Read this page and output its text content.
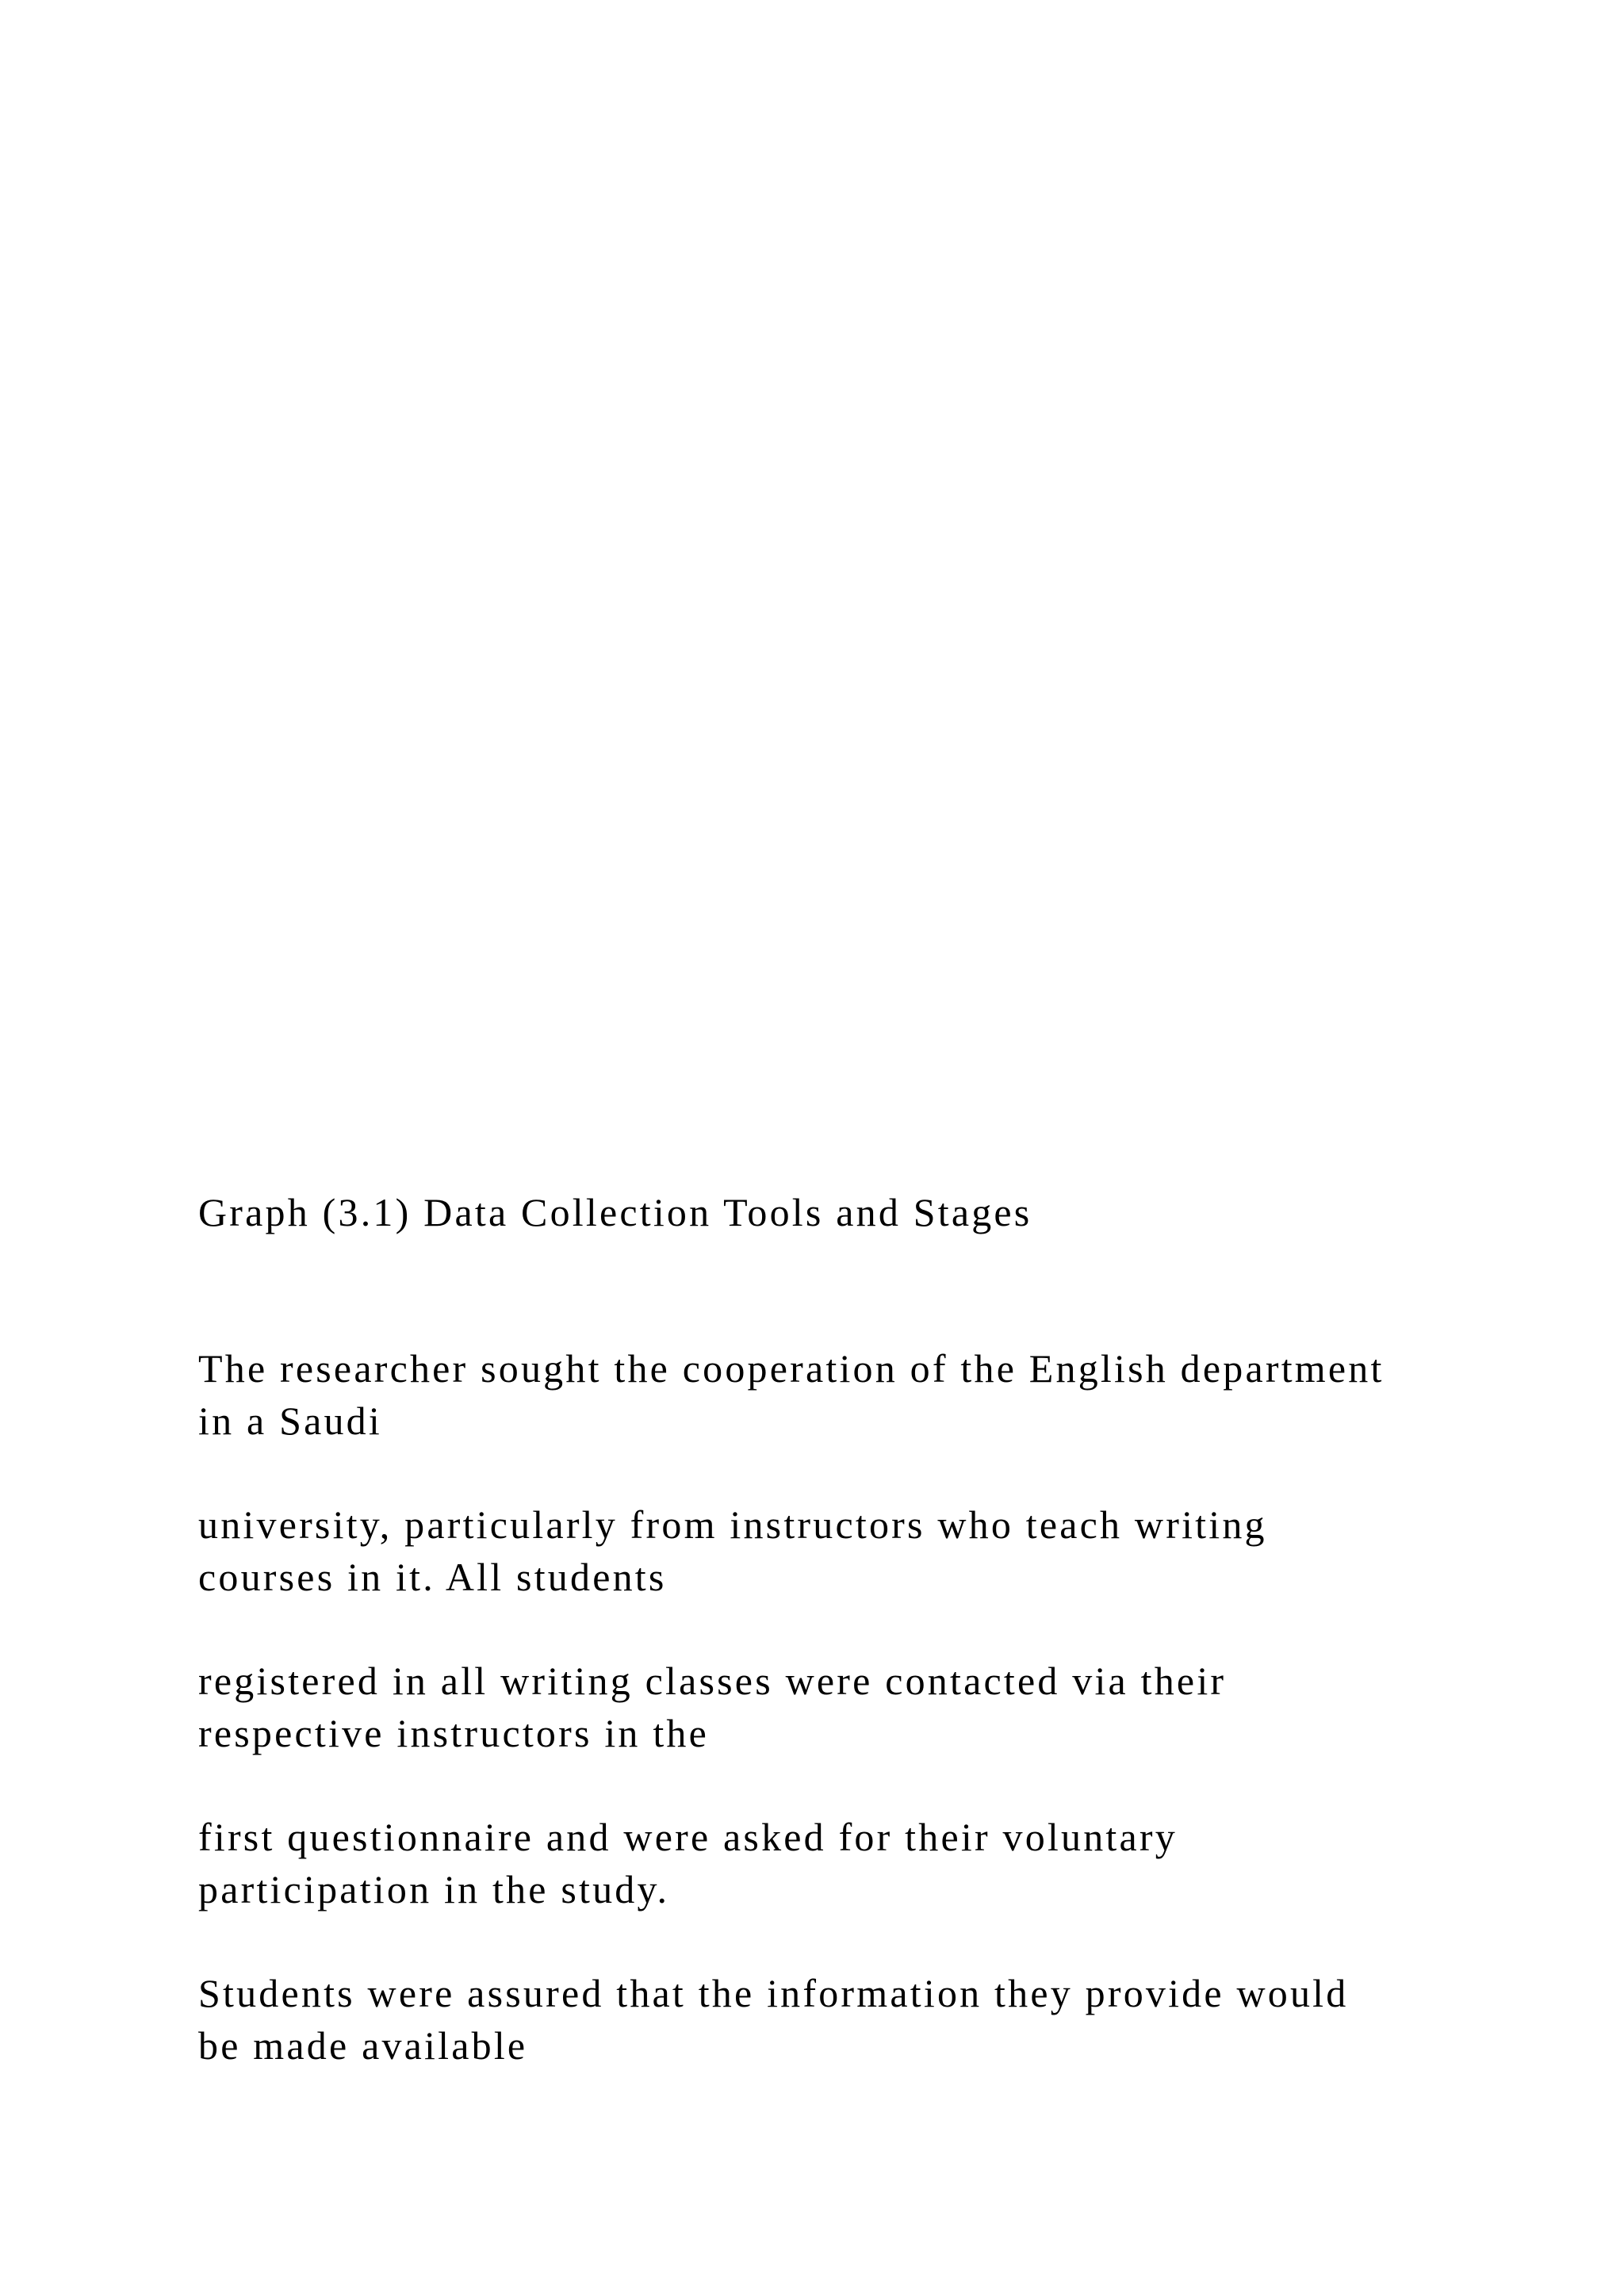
Graph (3.1) Data Collection Tools and Stages

The researcher sought the cooperation of the English department
in a Saudi

university, particularly from instructors who teach writing
courses in it. All students

registered in all writing classes were contacted via their
respective instructors in the

first questionnaire and were asked for their voluntary
participation in the study.

Students were assured that the information they provide would
be made available
